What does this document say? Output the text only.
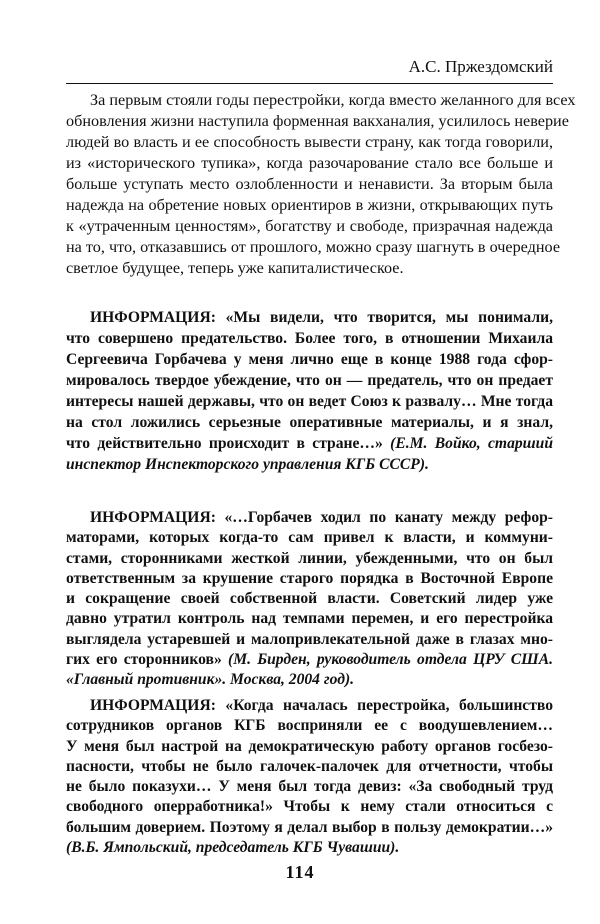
А.С. Пржездомский
За первым стояли годы перестройки, когда вместо желанного для всех
обновления жизни наступила форменная вакханалия, усилилось неверие
людей во власть и ее способность вывести страну, как тогда говорили,
из «исторического тупика», когда разочарование стало все больше и
больше уступать место озлобленности и ненависти. За вторым была
надежда на обретение новых ориентиров в жизни, открывающих путь
к «утраченным ценностям», богатству и свободе, призрачная надежда
на то, что, отказавшись от прошлого, можно сразу шагнуть в очередное
светлое будущее, теперь уже капиталистическое.
ИНФОРМАЦИЯ: «Мы видели, что творится, мы понимали,
что совершено предательство. Более того, в отношении Михаила
Сергеевича Горбачева у меня лично еще в конце 1988 года сфор-
мировалось твердое убеждение, что он — предатель, что он предает
интересы нашей державы, что он ведет Союз к развалу… Мне тогда
на стол ложились серьезные оперативные материалы, и я знал,
что действительно происходит в стране…» (Е.М. Войко, старший
инспектор Инспекторского управления КГБ СССР).
ИНФОРМАЦИЯ: «…Горбачев ходил по канату между рефор-
маторами, которых когда-то сам привел к власти, и коммуни-
стами, сторонниками жесткой линии, убежденными, что он был
ответственным за крушение старого порядка в Восточной Европе
и сокращение своей собственной власти. Советский лидер уже
давно утратил контроль над темпами перемен, и его перестройка
выглядела устаревшей и малопривлекательной даже в глазах мно-
гих его сторонников» (М. Бирден, руководитель отдела ЦРУ США.
«Главный противник». Москва, 2004 год).
ИНФОРМАЦИЯ: «Когда началась перестройка, большинство
сотрудников органов КГБ восприняли ее с воодушевлением…
У меня был настрой на демократическую работу органов госбезо-
пасности, чтобы не было галочек-палочек для отчетности, чтобы
не было показухи… У меня был тогда девиз: «За свободный труд
свободного оперработника!» Чтобы к нему стали относиться с
большим доверием. Поэтому я делал выбор в пользу демократии…»
(В.Б. Ямпольский, председатель КГБ Чувашии).
114
